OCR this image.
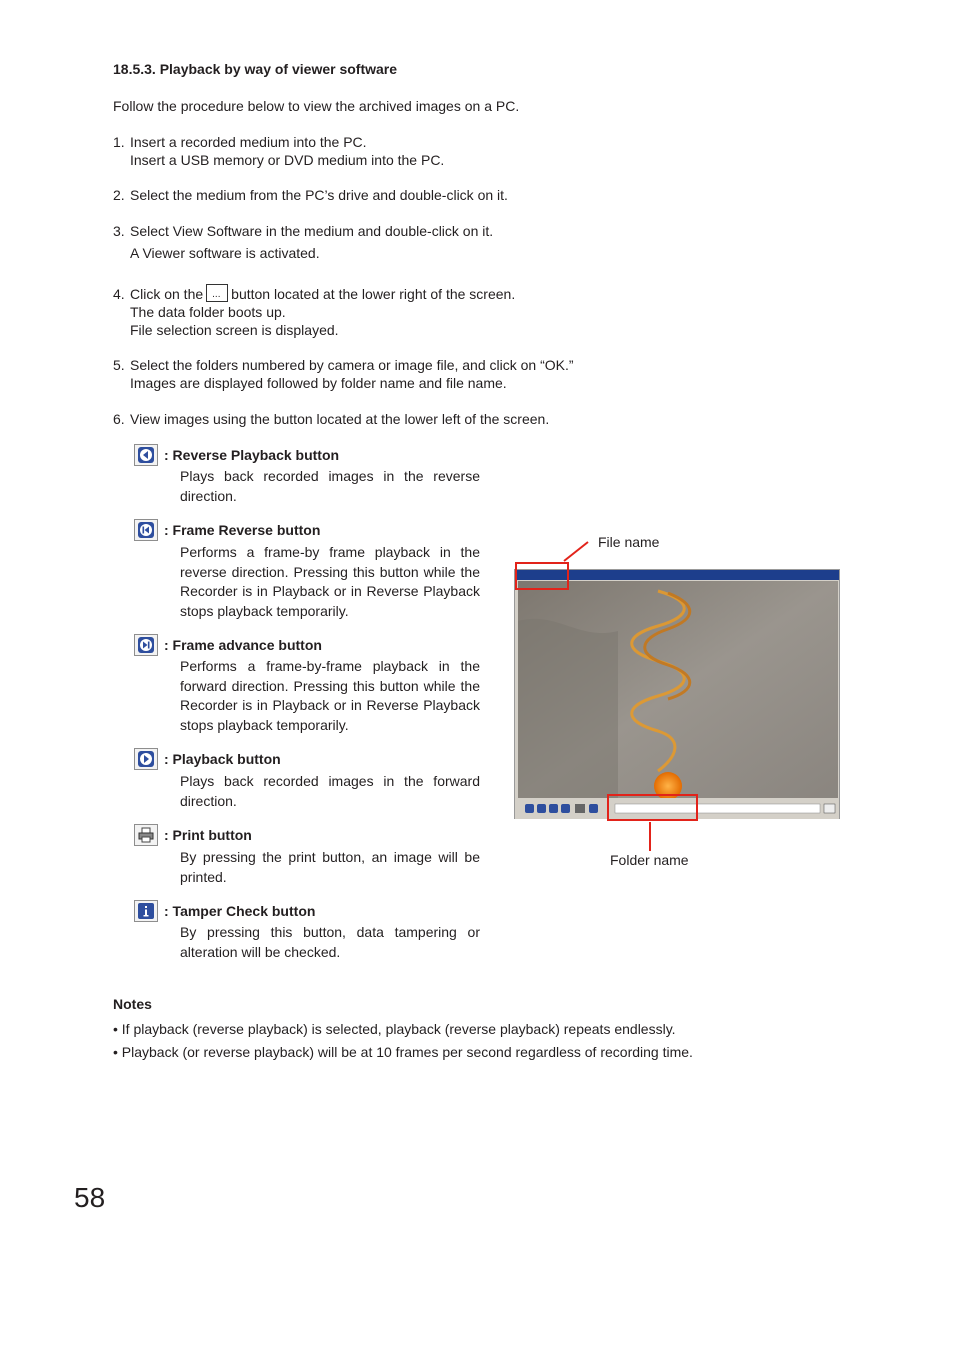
18.5.3. Playback by way of viewer software
Follow the procedure below to view the archived images on a PC.
1. Insert a recorded medium into the PC.
Insert a USB memory or DVD medium into the PC.
2. Select the medium from the PC’s drive and double-click on it.
3. Select View Software in the medium and double-click on it.
A Viewer software is activated.
4. Click on the... button located at the lower right of the screen.
The data folder boots up.
File selection screen is displayed.
5. Select the folders numbered by camera or image file, and click on “OK.”
Images are displayed followed by folder name and file name.
6. View images using the button located at the lower left of the screen.
: Reverse Playback button
Plays back recorded images in the reverse direction.
: Frame Reverse button
Performs a frame-by frame playback in the reverse direction. Pressing this button while the Recorder is in Playback or in Reverse Playback stops playback temporarily.
: Frame advance button
Performs a frame-by-frame playback in the forward direction. Pressing this button while the Recorder is in Playback or in Reverse Playback stops playback temporarily.
: Playback button
Plays back recorded images in the forward direction.
: Print button
By pressing the print button, an image will be printed.
: Tamper Check button
By pressing this button, data tampering or alteration will be checked.
File name
Folder name
Notes
• If playback (reverse playback) is selected, playback (reverse playback) repeats endlessly.
• Playback (or reverse playback) will be at 10 frames per second regardless of recording time.
58
